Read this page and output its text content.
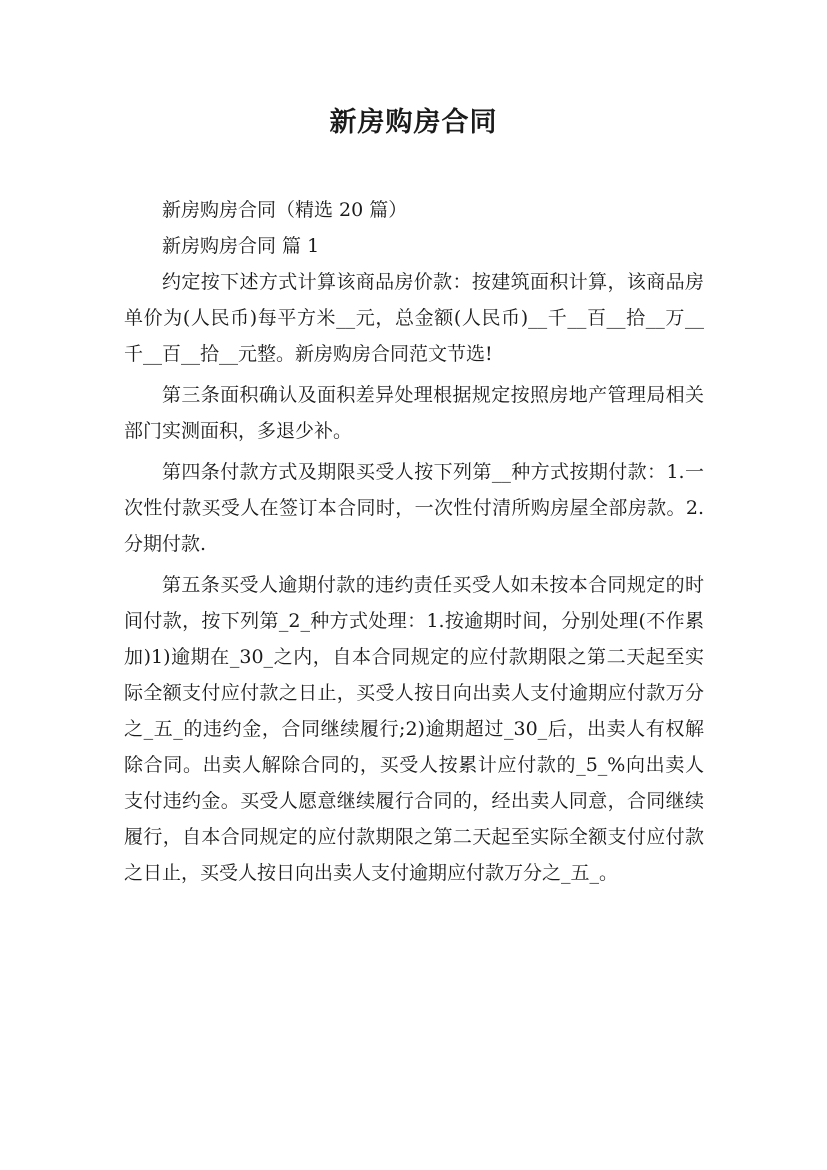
新房购房合同

新房购房合同（精选 20 篇）

新房购房合同 篇 1

约定按下述方式计算该商品房价款：按建筑面积计算，该商品房单价为(人民币)每平方米__元，总金额(人民币)__千__百__拾__万__千__百__拾__元整。新房购房合同范文节选!

第三条面积确认及面积差异处理根据规定按照房地产管理局相关部门实测面积，多退少补。

第四条付款方式及期限买受人按下列第__种方式按期付款：1.一次性付款买受人在签订本合同时，一次性付清所购房屋全部房款。2.分期付款.

第五条买受人逾期付款的违约责任买受人如未按本合同规定的时间付款，按下列第_2_种方式处理：1.按逾期时间，分别处理(不作累加)1)逾期在_30_之内，自本合同规定的应付款期限之第二天起至实际全额支付应付款之日止，买受人按日向出卖人支付逾期应付款万分之_五_的违约金，合同继续履行;2)逾期超过_30_后，出卖人有权解除合同。出卖人解除合同的，买受人按累计应付款的_5_%向出卖人支付违约金。买受人愿意继续履行合同的，经出卖人同意，合同继续履行，自本合同规定的应付款期限之第二天起至实际全额支付应付款之日止，买受人按日向出卖人支付逾期应付款万分之_五_。
